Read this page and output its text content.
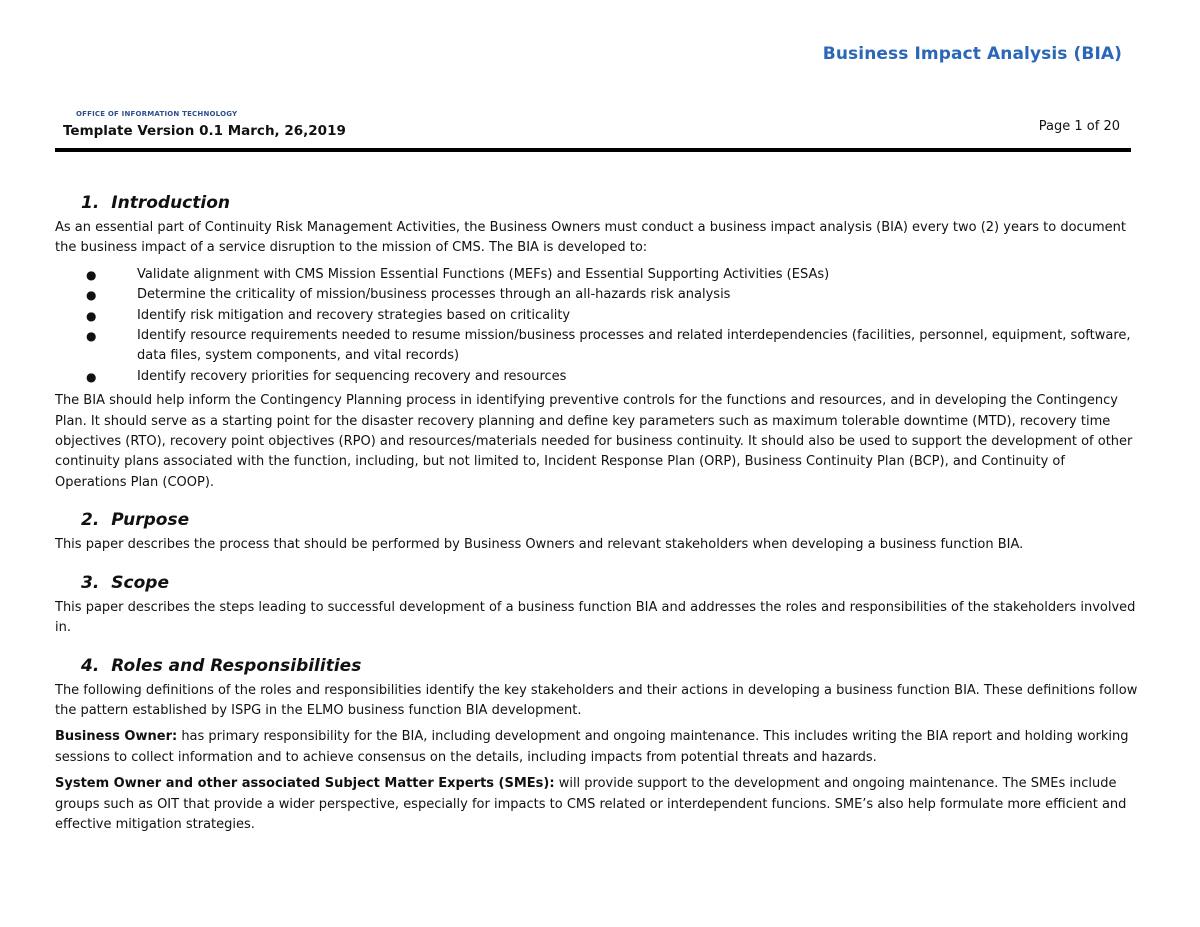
Business Impact Analysis (BIA)
OFFICE OF INFORMATION TECHNOLOGY
Template Version 0.1 March, 26,2019	Page 1 of 20
1. Introduction

As an essential part of Continuity Risk Management Activities, the Business Owners must conduct a business impact analysis (BIA) every two (2) years to document the business impact of a service disruption to the mission of CMS. The BIA is developed to:

●	Validate alignment with CMS Mission Essential Functions (MEFs) and Essential Supporting Activities (ESAs)
●	Determine the criticality of mission/business processes through an all-hazards risk analysis
●	Identify risk mitigation and recovery strategies based on criticality
●	Identify resource requirements needed to resume mission/business processes and related interdependencies (facilities, personnel, equipment, software, data files, system components, and vital records)
●	Identify recovery priorities for sequencing recovery and resources

The BIA should help inform the Contingency Planning process in identifying preventive controls for the functions and resources, and in developing the Contingency Plan. It should serve as a starting point for the disaster recovery planning and define key parameters such as maximum tolerable downtime (MTD), recovery time objectives (RTO), recovery point objectives (RPO) and resources/materials needed for business continuity. It should also be used to support the development of other continuity plans associated with the function, including, but not limited to, Incident Response Plan (ORP), Business Continuity Plan (BCP), and Continuity of Operations Plan (COOP).

2. Purpose

This paper describes the process that should be performed by Business Owners and relevant stakeholders when developing a business function BIA.

3. Scope

This paper describes the steps leading to successful development of a business function BIA and addresses the roles and responsibilities of the stakeholders involved in.

4. Roles and Responsibilities

The following definitions of the roles and responsibilities identify the key stakeholders and their actions in developing a business function BIA. These definitions follow the pattern established by ISPG in the ELMO business function BIA development.

Business Owner: has primary responsibility for the BIA, including development and ongoing maintenance. This includes writing the BIA report and holding working sessions to collect information and to achieve consensus on the details, including impacts from potential threats and hazards.

System Owner and other associated Subject Matter Experts (SMEs): will provide support to the development and ongoing maintenance. The SMEs include groups such as OIT that provide a wider perspective, especially for impacts to CMS related or interdependent funcions. SME’s also help formulate more efficient and effective mitigation strategies.
